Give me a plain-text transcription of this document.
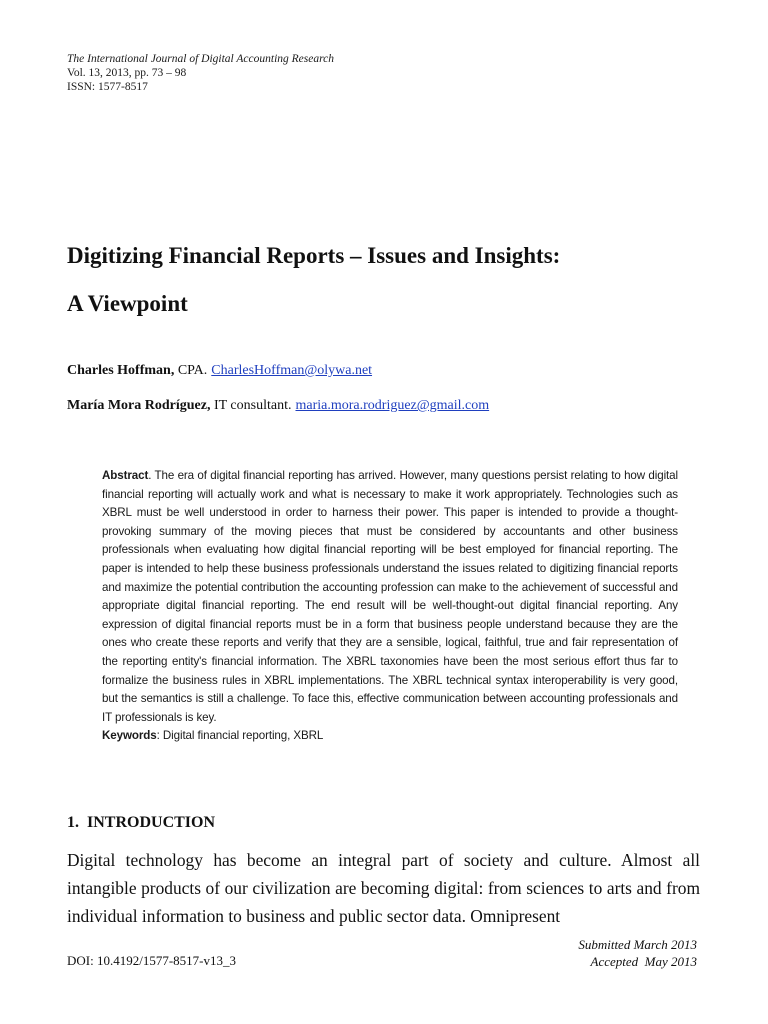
The International Journal of Digital Accounting Research
Vol. 13, 2013, pp. 73 – 98
ISSN: 1577-8517
Digitizing Financial Reports – Issues and Insights:
A Viewpoint
Charles Hoffman, CPA. CharlesHoffman@olywa.net
María Mora Rodríguez, IT consultant. maria.mora.rodriguez@gmail.com
Abstract. The era of digital financial reporting has arrived. However, many questions persist relating to how digital financial reporting will actually work and what is necessary to make it work appropriately. Technologies such as XBRL must be well understood in order to harness their power. This paper is intended to provide a thought-provoking summary of the moving pieces that must be considered by accountants and other business professionals when evaluating how digital financial reporting will be best employed for financial reporting. The paper is intended to help these business professionals understand the issues related to digitizing financial reports and maximize the potential contribution the accounting profession can make to the achievement of successful and appropriate digital financial reporting. The end result will be well-thought-out digital financial reporting. Any expression of digital financial reports must be in a form that business people understand because they are the ones who create these reports and verify that they are a sensible, logical, faithful, true and fair representation of the reporting entity's financial information. The XBRL taxonomies have been the most serious effort thus far to formalize the business rules in XBRL implementations. The XBRL technical syntax interoperability is very good, but the semantics is still a challenge. To face this, effective communication between accounting professionals and IT professionals is key.
Keywords: Digital financial reporting, XBRL
1. INTRODUCTION

Digital technology has become an integral part of society and culture. Almost all intangible products of our civilization are becoming digital: from sciences to arts and from individual information to business and public sector data. Omnipresent

DOI: 10.4192/1577-8517-v13_3
Submitted March 2013
Accepted  May 2013
